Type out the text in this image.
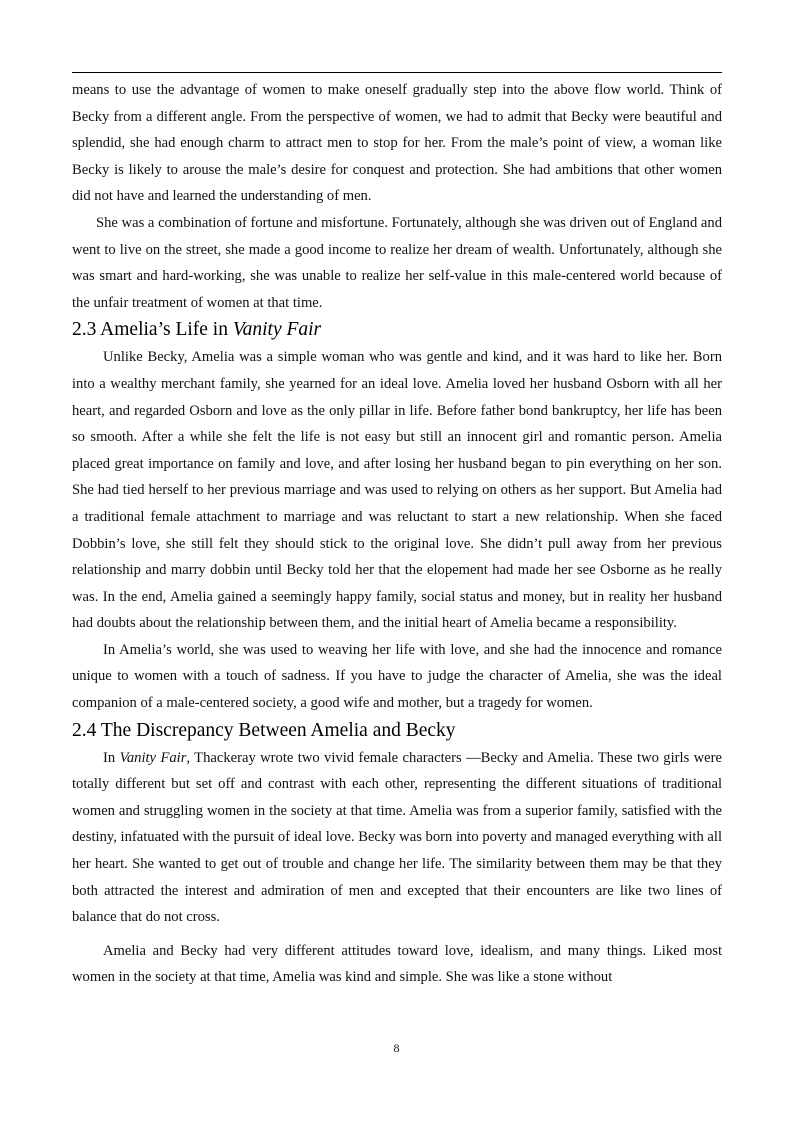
means to use the advantage of women to make oneself gradually step into the above flow world. Think of Becky from a different angle. From the perspective of women, we had to admit that Becky were beautiful and splendid, she had enough charm to attract men to stop for her. From the male’s point of view, a woman like Becky is likely to arouse the male’s desire for conquest and protection. She had ambitions that other women did not have and learned the understanding of men.

She was a combination of fortune and misfortune. Fortunately, although she was driven out of England and went to live on the street, she made a good income to realize her dream of wealth. Unfortunately, although she was smart and hard-working, she was unable to realize her self-value in this male-centered world because of the unfair treatment of women at that time.

2.3 Amelia’s Life in Vanity Fair

Unlike Becky, Amelia was a simple woman who was gentle and kind, and it was hard to like her. Born into a wealthy merchant family, she yearned for an ideal love. Amelia loved her husband Osborn with all her heart, and regarded Osborn and love as the only pillar in life. Before father bond bankruptcy, her life has been so smooth. After a while she felt the life is not easy but still an innocent girl and romantic person. Amelia placed great importance on family and love, and after losing her husband began to pin everything on her son. She had tied herself to her previous marriage and was used to relying on others as her support. But Amelia had a traditional female attachment to marriage and was reluctant to start a new relationship. When she faced Dobbin’s love, she still felt they should stick to the original love. She didn’t pull away from her previous relationship and marry dobbin until Becky told her that the elopement had made her see Osborne as he really was. In the end, Amelia gained a seemingly happy family, social status and money, but in reality her husband had doubts about the relationship between them, and the initial heart of Amelia became a responsibility.

In Amelia’s world, she was used to weaving her life with love, and she had the innocence and romance unique to women with a touch of sadness. If you have to judge the character of Amelia, she was the ideal companion of a male-centered society, a good wife and mother, but a tragedy for women.

2.4 The Discrepancy Between Amelia and Becky

In Vanity Fair, Thackeray wrote two vivid female characters —Becky and Amelia. These two girls were totally different but set off and contrast with each other, representing the different situations of traditional women and struggling women in the society at that time. Amelia was from a superior family, satisfied with the destiny, infatuated with the pursuit of ideal love. Becky was born into poverty and managed everything with all her heart. She wanted to get out of trouble and change her life. The similarity between them may be that they both attracted the interest and admiration of men and excepted that their encounters are like two lines of balance that do not cross.

Amelia and Becky had very different attitudes toward love, idealism, and many things. Liked most women in the society at that time, Amelia was kind and simple. She was like a stone without

8
